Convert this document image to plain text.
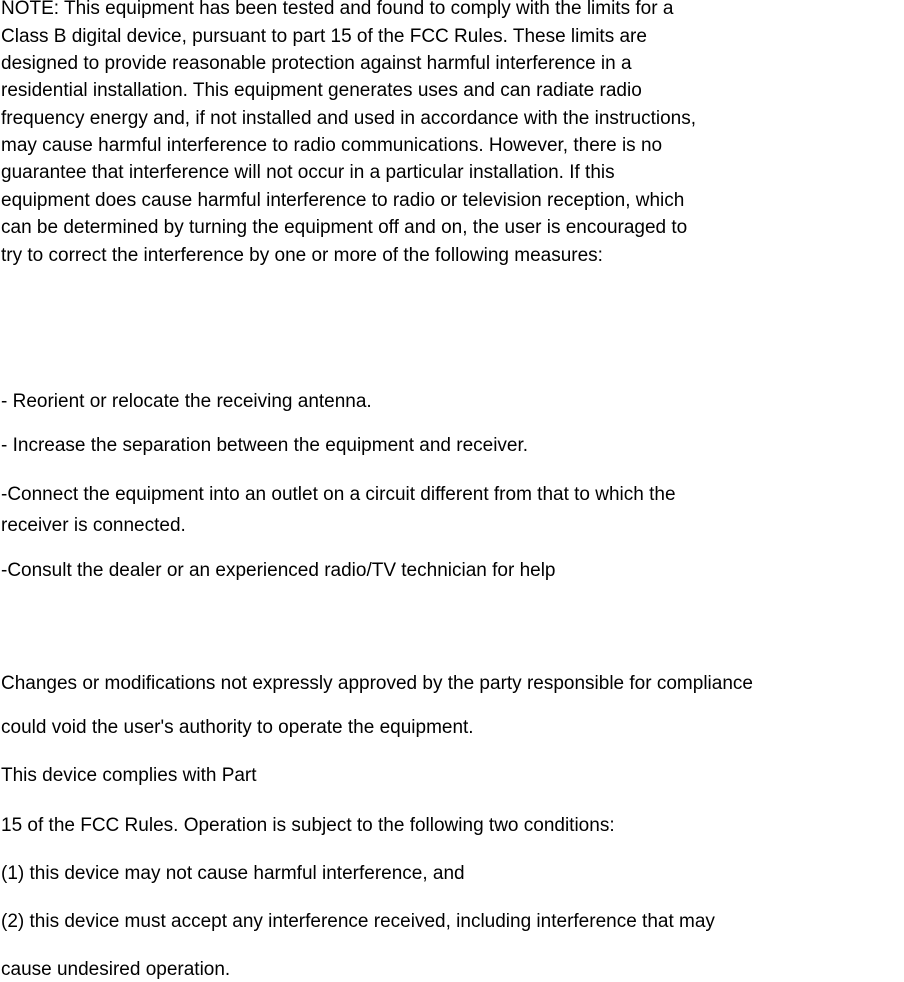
NOTE: This equipment has been tested and found to comply with the limits for a
Class B digital device, pursuant to part 15 of the FCC Rules. These limits are
designed to provide reasonable protection against harmful interference in a
residential installation. This equipment generates uses and can radiate radio
frequency energy and, if not installed and used in accordance with the instructions,
may cause harmful interference to radio communications. However, there is no
guarantee that interference will not occur in a particular installation. If this
equipment does cause harmful interference to radio or television reception, which
can be determined by turning the equipment off and on, the user is encouraged to
try to correct the interference by one or more of the following measures:
- Reorient or relocate the receiving antenna.
- Increase the separation between the equipment and receiver.
-Connect the equipment into an outlet on a circuit different from that to which the
receiver is connected.
-Consult the dealer or an experienced radio/TV technician for help
Changes or modifications not expressly approved by the party responsible for compliance
could void the user's authority to operate the equipment.
This device complies with Part
15 of the FCC Rules. Operation is subject to the following two conditions:
(1) this device may not cause harmful interference, and
(2) this device must accept any interference received, including interference that may
cause undesired operation.
